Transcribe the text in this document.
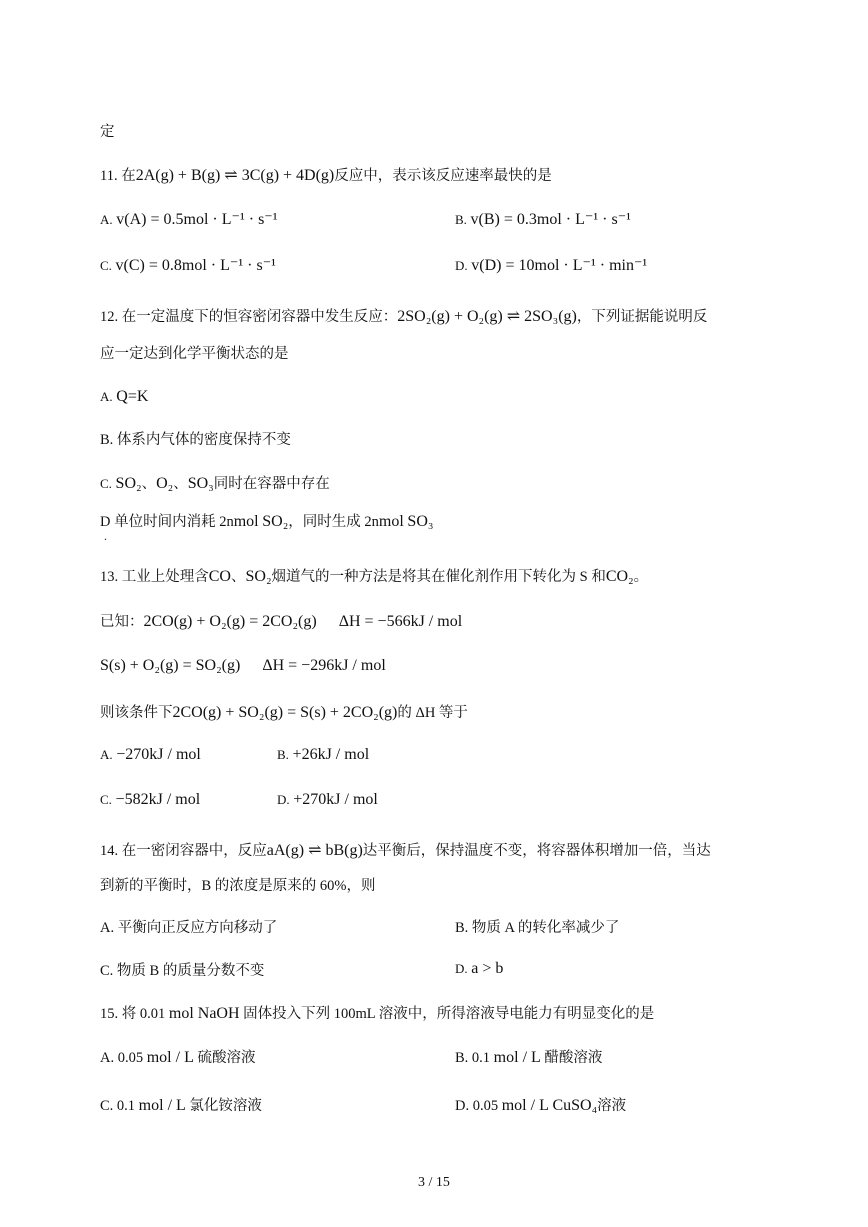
定
11. 在2A(g) + B(g) ⇌ 3C(g) + 4D(g)反应中，表示该反应速率最快的是
A. v(A) = 0.5mol · L⁻¹ · s⁻¹	B. v(B) = 0.3mol · L⁻¹ · s⁻¹
C. v(C) = 0.8mol · L⁻¹ · s⁻¹	D. v(D) = 10mol · L⁻¹ · min⁻¹
12. 在一定温度下的恒容密闭容器中发生反应：2SO₂(g) + O₂(g) ⇌ 2SO₃(g)，下列证据能说明反
应一定达到化学平衡状态的是
A. Q=K
B. 体系内气体的密度保持不变
C. SO₂、O₂、SO₃同时在容器中存在
D 单位时间内消耗 2nmol SO₂，同时生成 2nmol SO₃
.
13. 工业上处理含CO、SO₂烟道气的一种方法是将其在催化剂作用下转化为 S 和CO₂。
已知：2CO(g) + O₂(g) = 2CO₂(g) ΔH = −566kJ / mol
S(s) + O₂(g) = SO₂(g) ΔH = −296kJ / mol
则该条件下2CO(g) + SO₂(g) = S(s) + 2CO₂(g)的 ΔH 等于
A. −270kJ / mol	B. +26kJ / mol
C. −582kJ / mol	D. +270kJ / mol
14. 在一密闭容器中，反应aA(g) ⇌ bB(g)达平衡后，保持温度不变，将容器体积增加一倍，当达
到新的平衡时，B 的浓度是原来的 60%，则
A. 平衡向正反应方向移动了	B. 物质 A 的转化率减少了
C. 物质 B 的质量分数不变	D. a > b
15. 将 0.01 mol NaOH 固体投入下列 100mL 溶液中，所得溶液导电能力有明显变化的是
A. 0.05 mol / L 硫酸溶液	B. 0.1 mol / L 醋酸溶液
C. 0.1 mol / L 氯化铵溶液	D. 0.05 mol / L CuSO₄溶液
3 / 15
